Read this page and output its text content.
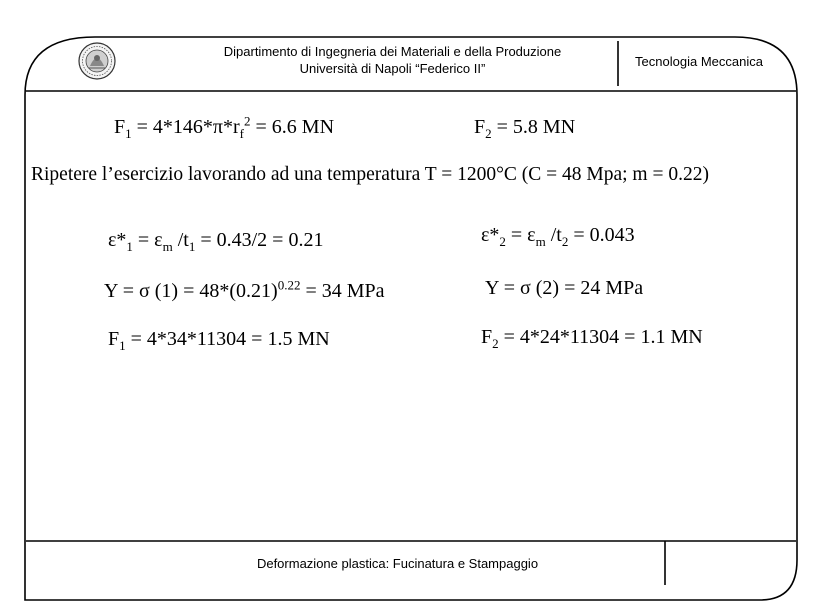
Dipartimento di Ingegneria dei Materiali e della Produzione
Università di Napoli “Federico II”	Tecnologia Meccanica
$F_1 = 4*146*\pi*r_f^2 = 6.6$ MN	$F_2 = 5.8$ MN
Ripetere l’esercizio lavorando ad una temperatura T = 1200°C (C = 48 Mpa; m = 0.22)
$\varepsilon*_1 = \varepsilon_m$ $/t_1 = 0.43/2 = 0.21$	$\varepsilon*_2 = \varepsilon_m$ $/t_2 = 0.043$
Y = σ $(1) = 48*(0.21)^{0.22} = 34$ MPa	Y = σ (2) = 24 MPa
$F_1 = 4*34*11304 = 1.5$ MN	$F_2 = 4*24*11304 = 1.1$ MN
Deformazione plastica: Fucinatura e Stampaggio
